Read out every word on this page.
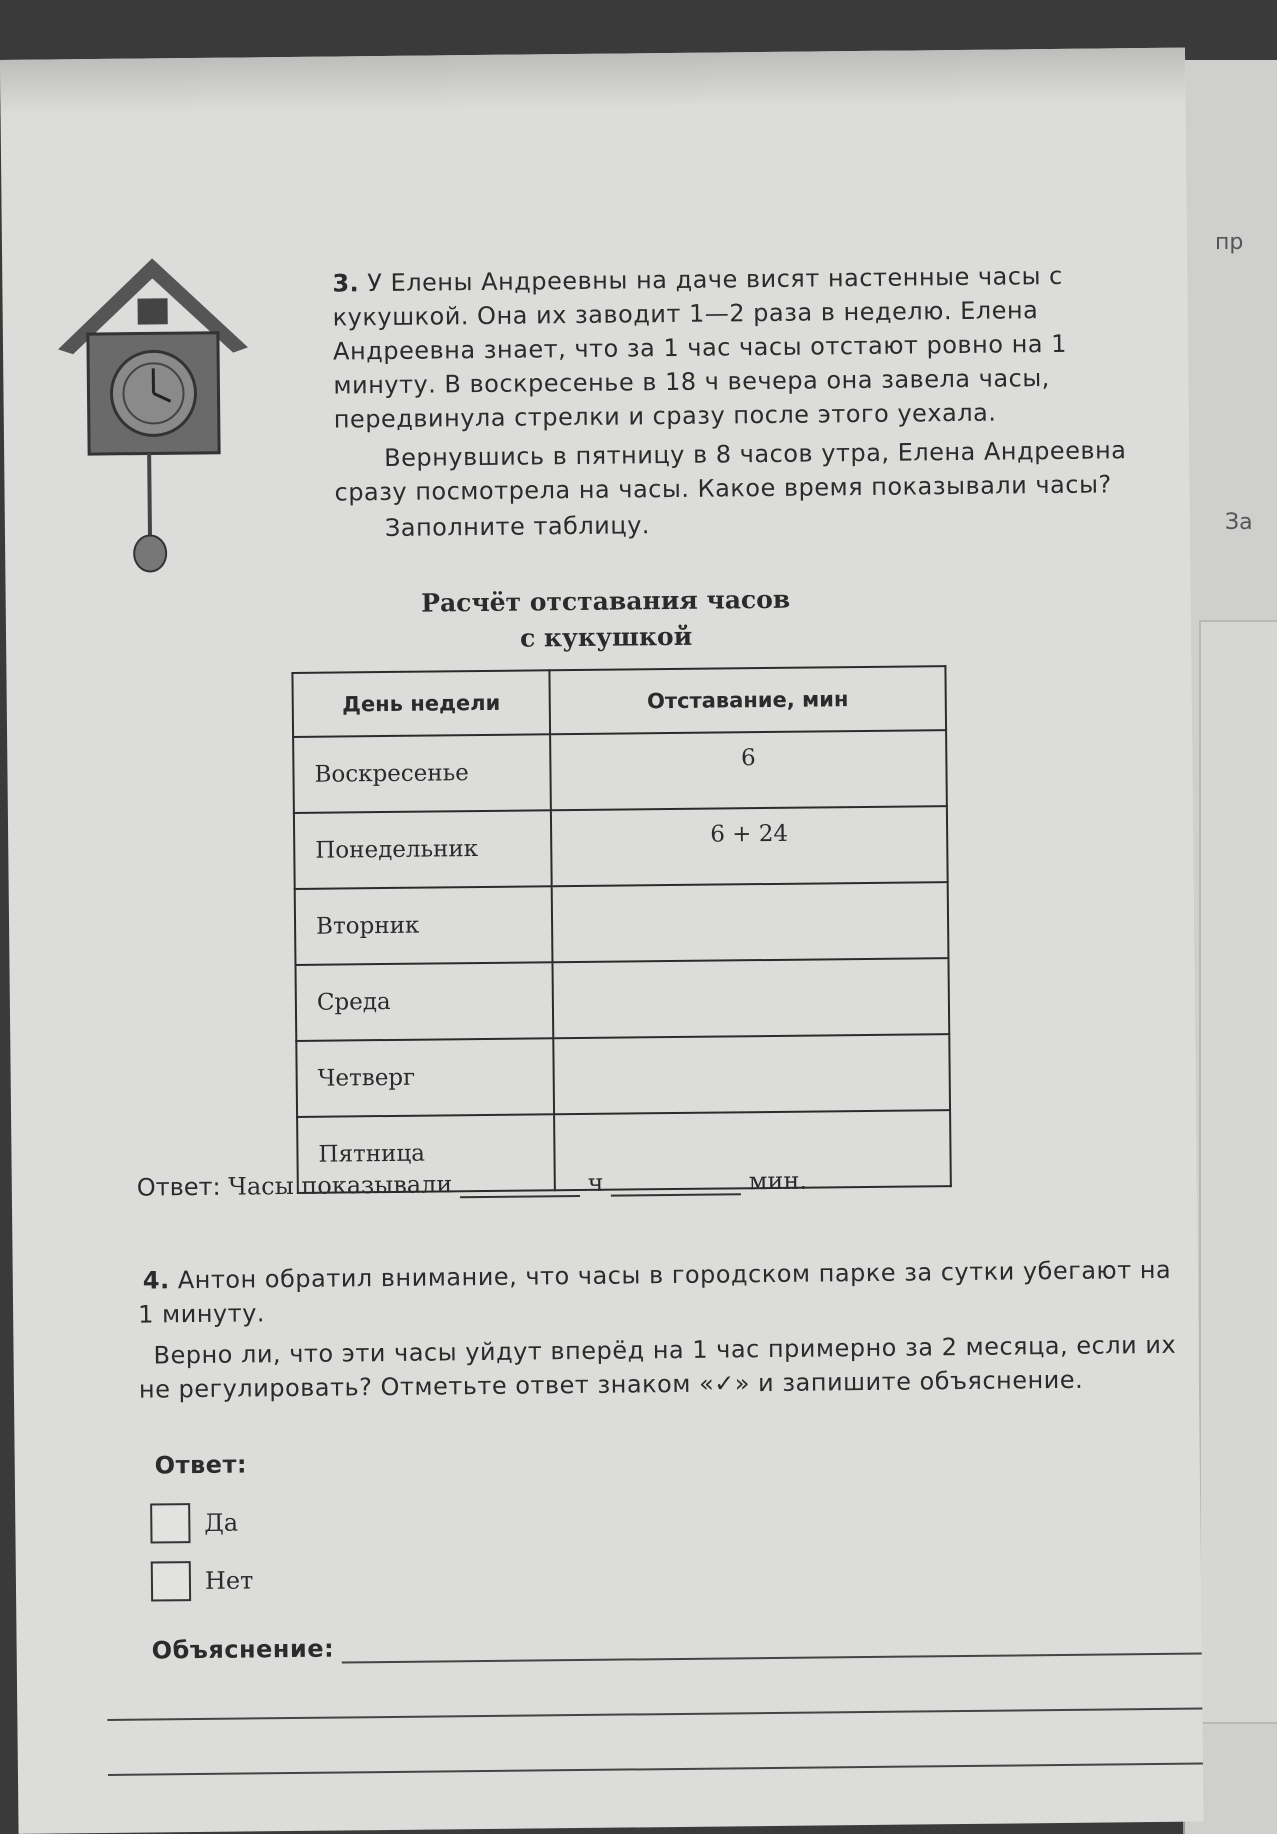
пр
За
3. У Елены Андреевны на даче висят настенные часы с кукушкой. Она их заводит 1—2 раза в неделю. Елена Андреевна знает, что за 1 час часы отстают ровно на 1 минуту. В воскресенье в 18 ч вечера она завела часы, передвинула стрелки и сразу после этого уехала.
Вернувшись в пятницу в 8 часов утра, Елена Андреевна сразу посмотрела на часы. Какое время показывали часы?
Заполните таблицу.
Расчёт отставания часов
с кукушкой
День недели	Отставание, мин
Воскресенье	6
Понедельник	6 + 24
Вторник	
Среда	
Четверг	
Пятница	
Ответ: Часы показывали	ч	мин.
4. Антон обратил внимание, что часы в городском парке за сутки убегают на 1 минуту.
Верно ли, что эти часы уйдут вперёд на 1 час примерно за 2 месяца, если их не регулировать? Отметьте ответ знаком «✓» и запишите объяснение.
Ответ:
Да
Нет
Объяснение:
